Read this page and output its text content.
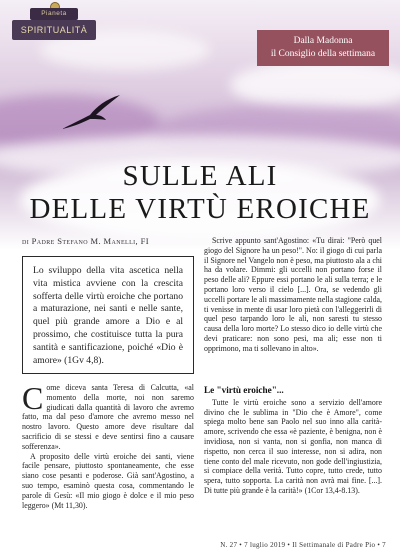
Pianeta
SPIRITUALITÀ
Dalla Madonna
il Consiglio della settimana
SULLE ALI
DELLE VIRTÙ EROICHE
di Padre Stefano M. Manelli, FI
Lo sviluppo della vita ascetica nella vita mistica avviene con la crescita sofferta delle virtù eroiche che portano a maturazione, nei santi e nelle sante, quel più grande amore a Dio e al prossimo, che costituisce tutta la pura santità e santificazione, poiché «Dio è amore» (1Gv 4,8).

Come diceva santa Teresa di Calcutta, «al momento della morte, noi non saremo giudicati dalla quantità di lavoro che avremo fatto, ma dal peso d'amore che avremo messo nel nostro lavoro. Questo amore deve risultare dal sacrificio di se stessi e deve sentirsi fino a causare sofferenza».

A proposito delle virtù eroiche dei santi, viene facile pensare, piuttosto spontaneamente, che esse siano cose pesanti e poderose. Già sant'Agostino, a suo tempo, esaminò questa cosa, commentando le parole di Gesù: «Il mio giogo è dolce e il mio peso leggero» (Mt 11,30).

Scrive appunto sant'Agostino: «Tu dirai: "Però quel giogo del Signore ha un peso!". No: il giogo di cui parla il Signore nel Vangelo non è peso, ma piuttosto ala a chi ha da volare. Dimmi: gli uccelli non portano forse il peso delle ali? Eppure essi portano le ali sulla terra; e le portano loro verso il cielo [...]. Ora, se vedendo gli uccelli portare le ali massimamente nella stagione calda, ti venisse in mente di usar loro pietà con l'alleggerirli di quel peso tarpando loro le ali, non saresti tu stesso causa della loro morte? Lo stesso dico io delle virtù che devi praticare: non sono pesi, ma ali; esse non ti opprimono, ma ti sollevano in alto».

Le "virtù eroiche"...

Tutte le virtù eroiche sono a servizio dell'amore divino che le sublima in "Dio che è Amore", come spiega molto bene san Paolo nel suo inno alla carità-amore, scrivendo che essa «è paziente, è benigna, non è invidiosa, non si vanta, non si gonfia, non manca di rispetto, non cerca il suo interesse, non si adira, non tiene conto del male ricevuto, non gode dell'ingiustizia, si compiace della verità. Tutto copre, tutto crede, tutto spera, tutto sopporta. La carità non avrà mai fine. [...]. Di tutte più grande è la carità!» (1Cor 13,4-8.13).

N. 27 • 7 luglio 2019 • Il Settimanale di Padre Pio • 7
